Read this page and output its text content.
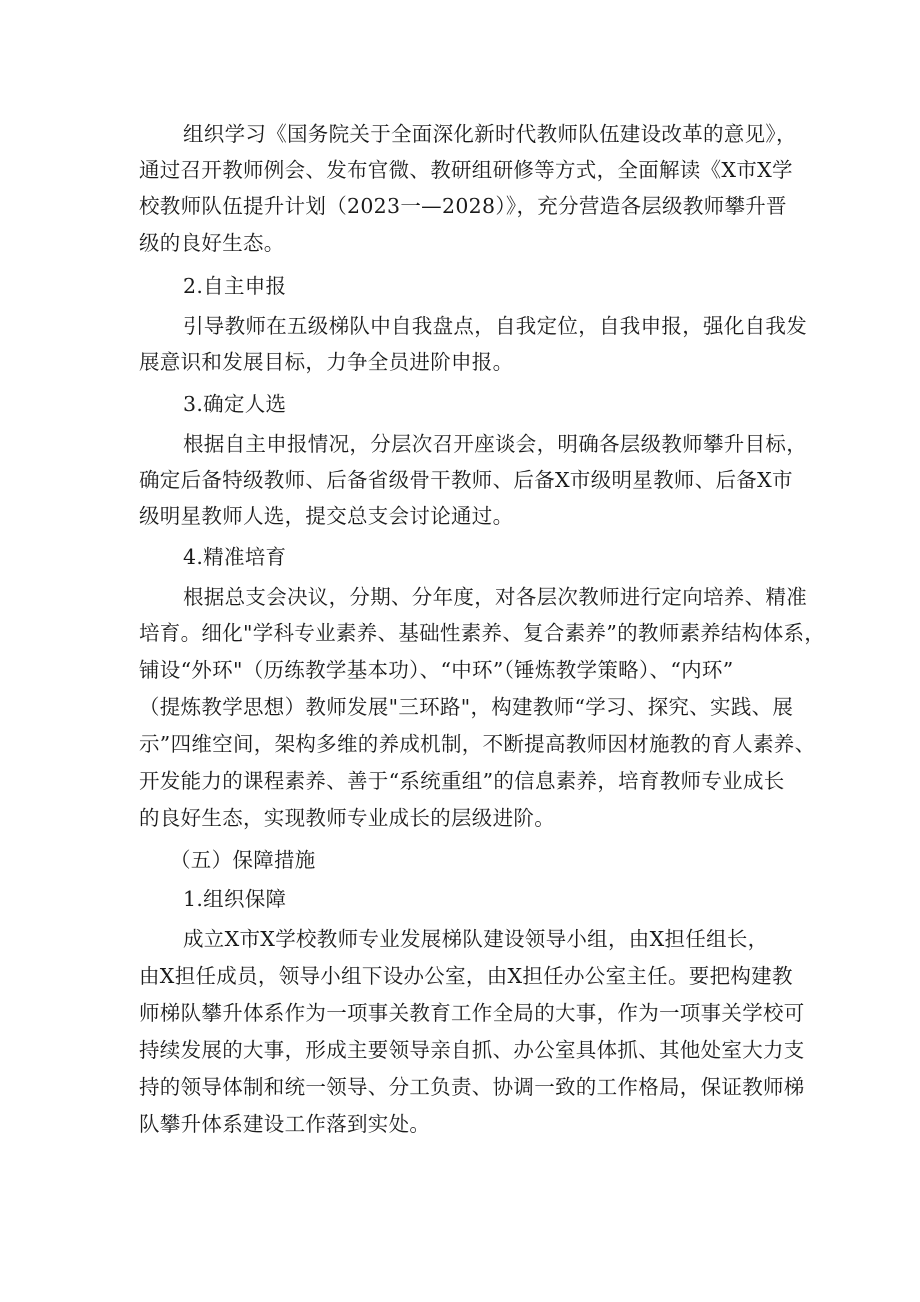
组织学习《国务院关于全面深化新时代教师队伍建设改革的意见》，
通过召开教师例会、发布官微、教研组研修等方式，全面解读《X市X学
校教师队伍提升计划（2023一—2028）》，充分营造各层级教师攀升晋
级的良好生态。
2.自主申报
引导教师在五级梯队中自我盘点，自我定位，自我申报，强化自我发
展意识和发展目标，力争全员进阶申报。
3.确定人选
根据自主申报情况，分层次召开座谈会，明确各层级教师攀升目标，
确定后备特级教师、后备省级骨干教师、后备X市级明星教师、后备X市
级明星教师人选，提交总支会讨论通过。
4.精准培育
根据总支会决议，分期、分年度，对各层次教师进行定向培养、精准
培育。细化"学科专业素养、基础性素养、复合素养”的教师素养结构体系，
铺设“外环"（历练教学基本功）、“中环”（锤炼教学策略）、“内环”
（提炼教学思想）教师发展"三环路"，构建教师“学习、探究、实践、展
示”四维空间，架构多维的养成机制，不断提高教师因材施教的育人素养、
开发能力的课程素养、善于“系统重组”的信息素养，培育教师专业成长
的良好生态，实现教师专业成长的层级进阶。
（五）保障措施
1.组织保障
成立X市X学校教师专业发展梯队建设领导小组，由X担任组长，
由X担任成员，领导小组下设办公室，由X担任办公室主任。要把构建教
师梯队攀升体系作为一项事关教育工作全局的大事，作为一项事关学校可
持续发展的大事，形成主要领导亲自抓、办公室具体抓、其他处室大力支
持的领导体制和统一领导、分工负责、协调一致的工作格局，保证教师梯
队攀升体系建设工作落到实处。
